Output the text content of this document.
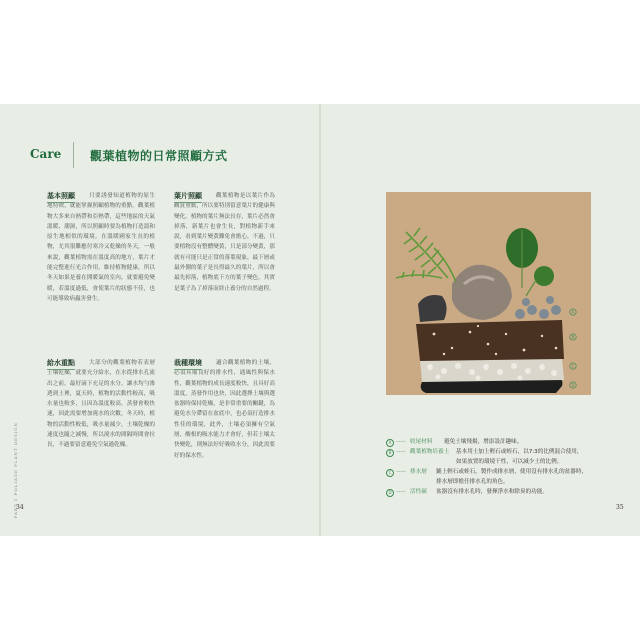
Care 觀葉植物的日常照顧方式
基本照顧	只要誘發知道植物的原生地特徵，就能掌握照顧植物的重點。觀葉植物大多來自熱帶和亞熱帶，這些地區的天氣溫暖、潮濕，所以照顧時要為植物打造溫和原生地相似的環境。在溫暖國家生長的植物，尤其很難應付寒冷又乾燥的冬天，一般來說，觀葉植物需在溫度高的地方，葉片才能完整進行光合作用，維持植物健康，所以冬天如果是養在開暖氣的室內，就要避免變暖，若溫度過低，會使葉片的狀態不佳，也可能導致病蟲害發生。

葉片照顧	觀葉植物是以葉片作為觀賞重點，所以要特別留意葉片的健康與變化。植物的葉片無法長存，葉片必然會掉落，新葉片也會生長，對植物新手來說，看到葉片變黃難免會擔心，不過，只要植物沒有整體變黃，只是部分變黃，那就有可能只是正常的落葉現象，最下層或最外側的葉子是長得最久的葉片，所以會最先掉落，植物底下方的葉子變色，其實是葉子為了掉落而終止養分的自然過程。

給水重點	大部分的觀葉植物若表層土壤乾燥，就要充分給水，在水從排水孔流出之前，最好滴下充足的水分，讓水均勻滲透到土裡，夏天時，植物的活動性較高，吸水量也較多，且因為溫度較高，蒸發會較快速，因此需要增加澆水的次數，冬天時，植物的活動性較低，吸水量減少，土壤乾燥的速度也隨之減慢，所以澆水的間隔時間會拉長，不過要留意避免空氣過乾燥。

栽種環境	適合觀葉植物的土壤，必須具備良好的排水性，通風性與保水性，觀葉植物的成長速度較快，且具好高溫度，蒸發作用也快，因此選擇土壤與選盆器時保持乾燥，是非常重要的關鍵，為避免水分滯留在盆底中，也必須打造排水性佳的環境，此外，土壤必須擁有空氣層，酸根的吸水能力才會好，但若土壤太快變乾，則無法好好吸收水分，因此需要好的保水性。

PART 1 FOLIAGE PLANT DESIGN
34	35
A
B
C
D
A —— 收尾材料 避免土壤飛揚，增添設計趣味。
B —— 觀葉植物培養土 基本用土加上輕石或蛭石，以7:3的比例混合使用，
如果放置的環境干性，可以減少土的比例。
C —— 排水層 鋪上輕石或蛭石，製作成排水層，使用沒有排水孔的盆器時，
排水層即擔任排水孔的角色。
D —— 活性碳 盆器沒有排水孔時，發揮淨水和除臭的功能。
